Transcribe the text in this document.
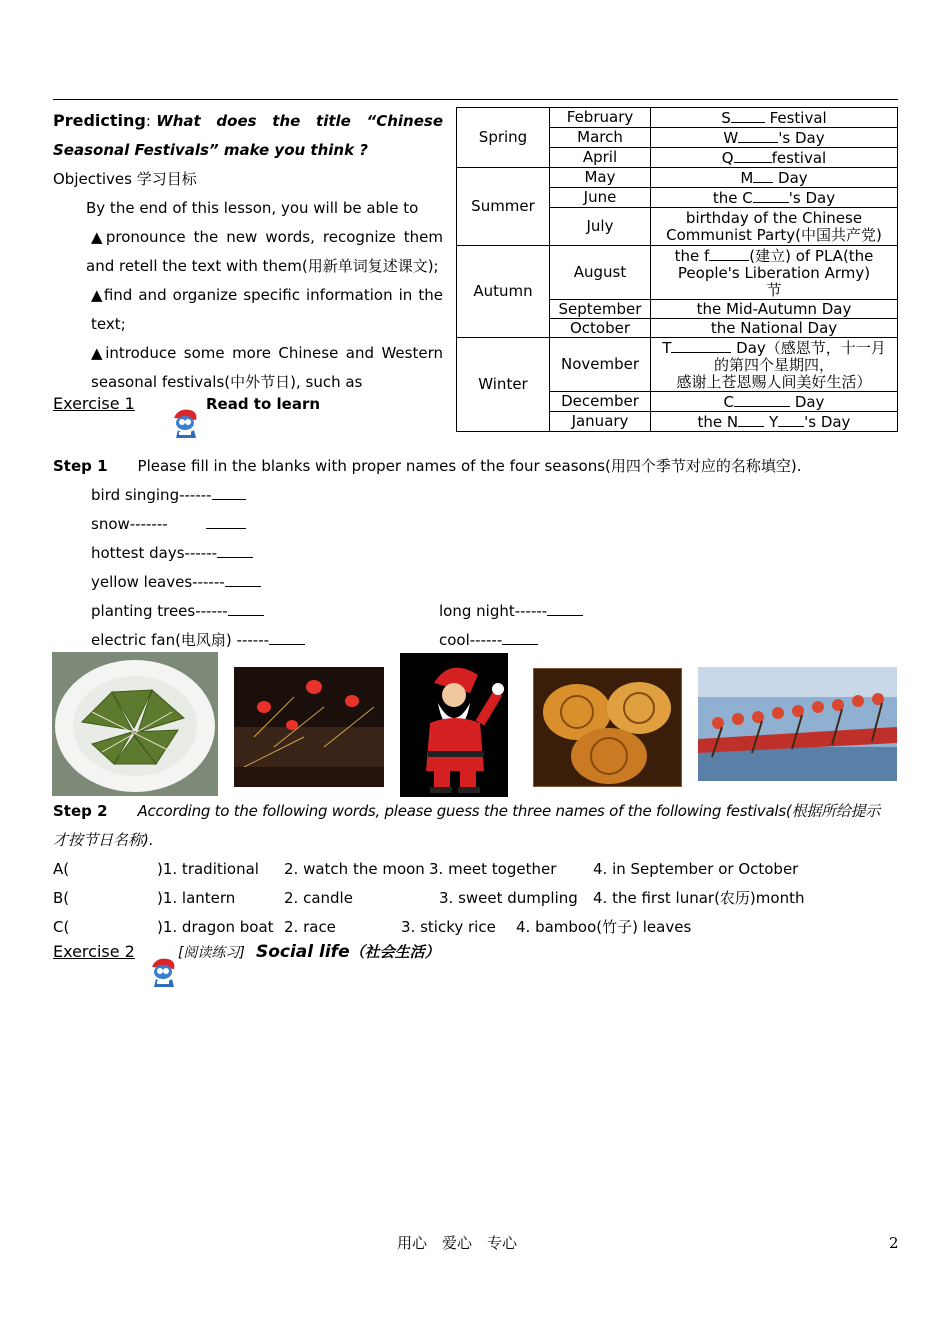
Predicting: What does the title “Chinese
Seasonal Festivals” make you think ?
Objectives 学习目标
By the end of this lesson, you will be able to
▲pronounce the new words, recognize them
and retell the text with them(用新单词复述课文);
▲find and organize specific information in the
text;
▲introduce some more Chinese and Western
seasonal festivals(中外节日), such as
Exercise 1	Read to learn
Spring	February	S Festival
	March	W 's Day
	April	Q festival
Summer	May	M Day
	June	the C 's Day
	July	birthday of the Chinese
Communist Party(中国共产党)

Autumn	August	the f (建立) of PLA(the
People's Liberation Army)
节

	September	the Mid-Autumn Day
	October	the National Day
Winter	November	T Day（感恩节，十一月
的第四个星期四，
感谢上苍恩赐人间美好生活）

	December	C Day
	January	the N Y 's Day
Step 1 Please fill in the blanks with proper names of the four seasons(用四个季节对应的名称填空).
bird singing------
snow-------
hottest days------
yellow leaves------
planting trees------
electric fan(电风扇) ------
long night------
cool------
Step 2 According to the following words, please guess the three names of the following festivals(根据所给提示
才按节日名称).
A(	)1. traditional 2. watch the moon 3. meet together 4. in September or October
B(	)1. lantern	2. candle	3. sweet dumpling 4. the first lunar(农历)month
C(	)1. dragon boat 2. race	3. sticky rice 4. bamboo(竹子) leaves
Exercise 2	[阅读练习] Social life（社会生活）
用心　爱心　专心	2
